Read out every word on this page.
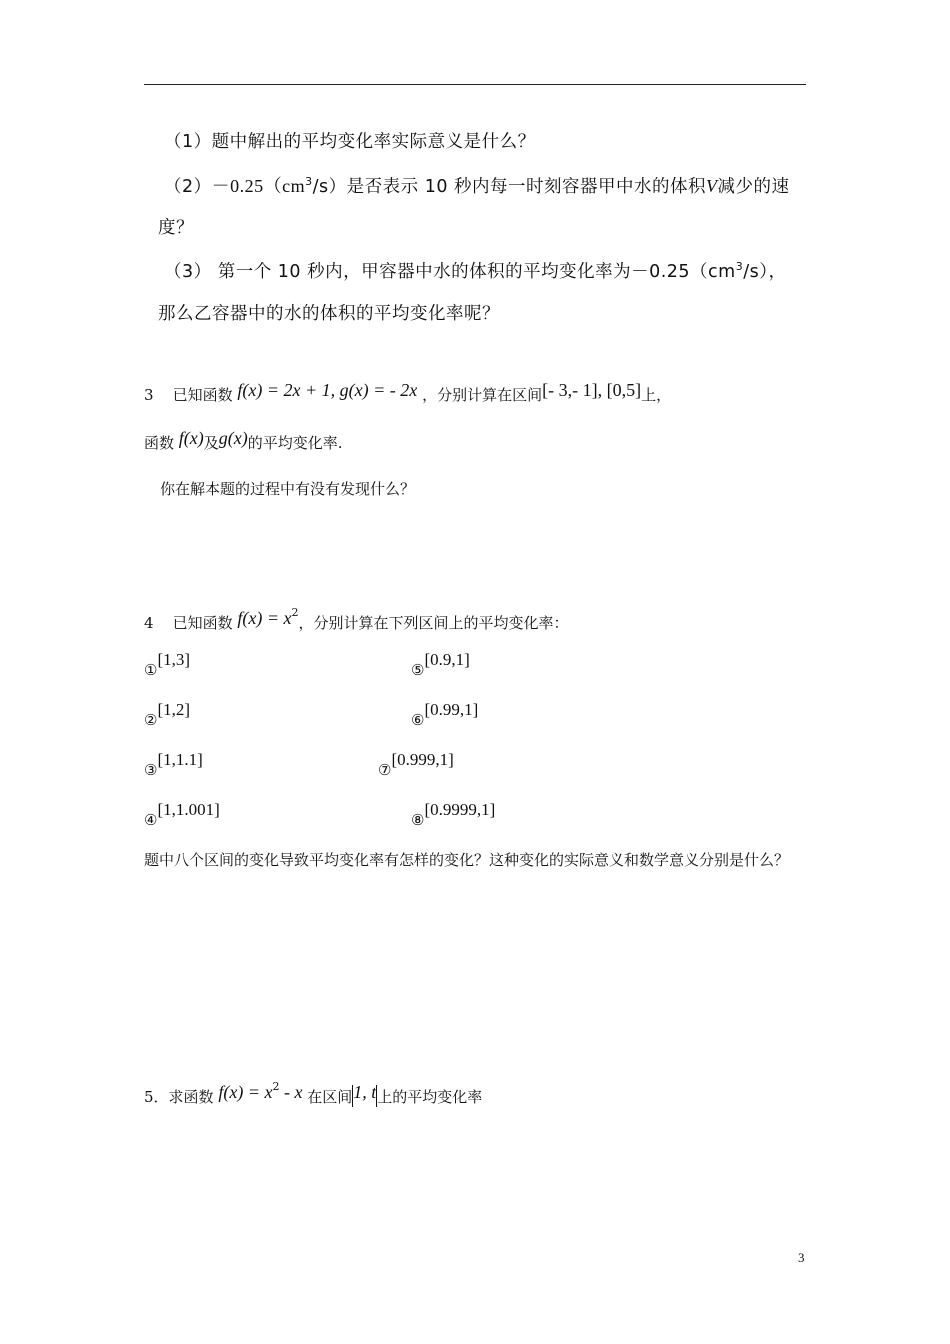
（1）题中解出的平均变化率实际意义是什么？
$(2)-0.25(cm^3/s)$是否表示 10 秒内每一时刻容器甲中水的体积V减少的速
度？
（3） 第一个 10 秒内，甲容器中水的体积的平均变化率为$-0.25(cm^3/s)$，
那么乙容器中的水的体积的平均变化率呢？
3 已知函数 f(x) = 2x + 1, g(x) = - 2x ，分别计算在区间[- 3,- 1], [0,5]上，
函数 f(x)及g(x)的平均变化率.
你在解本题的过程中有没有发现什么？
4 已知函数 $f(x) = x^2$，分别计算在下列区间上的平均变化率：
①[1,3]
②[1,2]
③[1,1.1]
④[1,1.001]
⑤[0.9,1]
⑥[0.99,1]
⑦[0.999,1]
⑧[0.9999,1]
题中八个区间的变化导致平均变化率有怎样的变化？这种变化的实际意义和数学意义分别是什么？
5．求函数 $f(x) = x^2 - x$ 在区间1, t上的平均变化率
3
